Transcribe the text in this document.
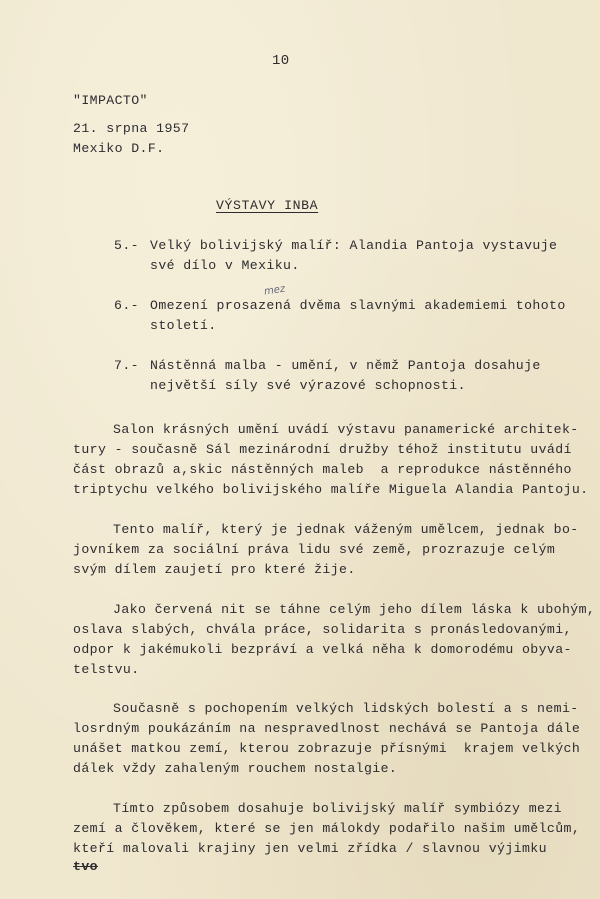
10
"IMPACTO"
21. srpna 1957
Mexiko D.F.
VÝSTAVY INBA
mez
5.- Velký bolivijský malíř: Alandia Pantoja vystavuje
své dílo v Mexiku.
6.- Omezení prosazená dvěma slavnými akademiemi tohoto
století.
7.- Nástěnná malba - umění, v němž Pantoja dosahuje
největší síly své výrazové schopnosti.
Salon krásných umění uvádí výstavu panamerické architek-
tury - současně Sál mezinárodní družby téhož institutu uvádí
část obrazů a,skic nástěnných maleb  a reprodukce nástěnného
triptychu velkého bolivijského malíře Miguela Alandia Pantoju.
Tento malíř, který je jednak váženým umělcem, jednak bo-
jovníkem za sociální práva lidu své země, prozrazuje celým
svým dílem zaujetí pro které žije.
Jako červená nit se táhne celým jeho dílem láska k ubohým,
oslava slabých, chvála práce, solidarita s pronásledovanými,
odpor k jakémukoli bezpráví a velká něha k domorodému obyva-
telstvu.
Současně s pochopením velkých lidských bolestí a s nemi-
losrdným poukázáním na nespravedlnost nechává se Pantoja dále
unášet matkou zemí, kterou zobrazuje přísnými  krajem velkých
dálek vždy zahaleným rouchem nostalgie.
Tímto způsobem dosahuje bolivijský malíř symbiózy mezi
zemí a člověkem, které se jen málokdy podařilo našim umělcům,
kteří malovali krajiny jen velmi zřídka / slavnou výjimku
tvo
